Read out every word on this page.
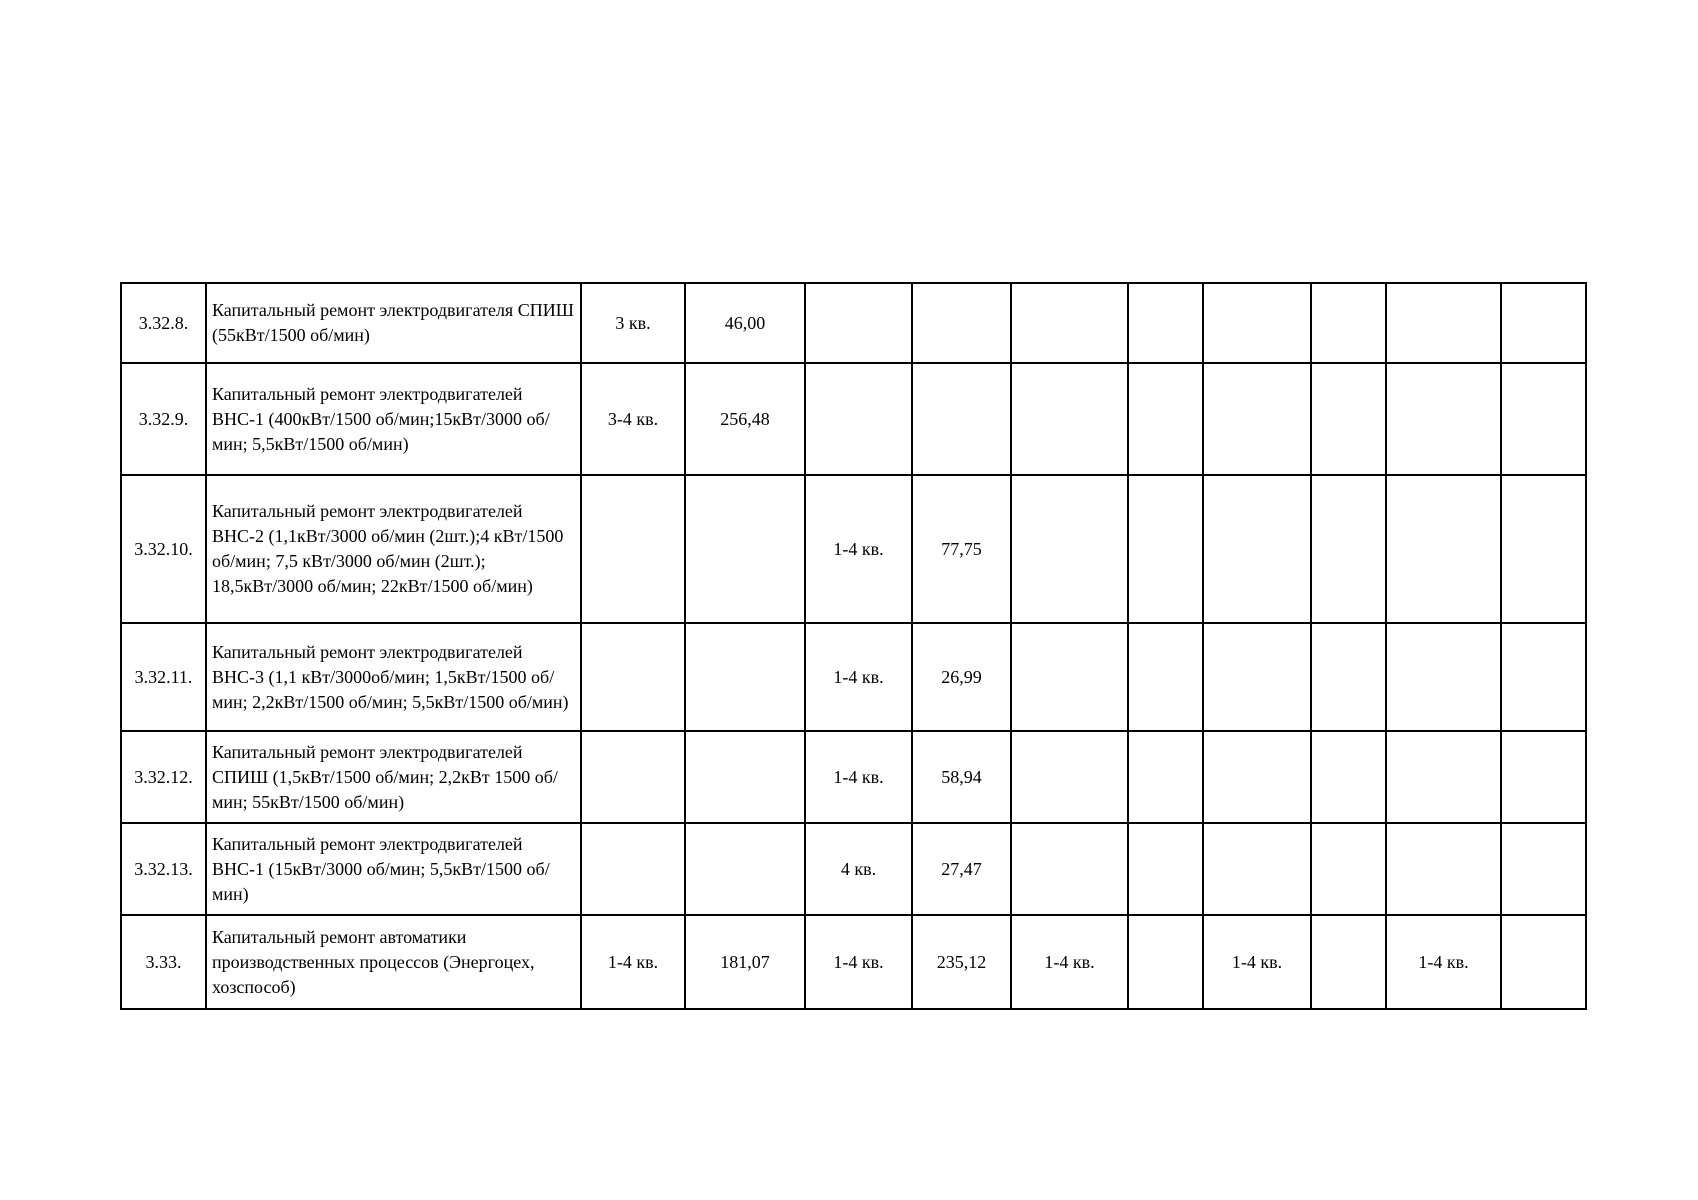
3.32.8.	Капитальный ремонт электродвигателя СПИШ (55кВт/1500 об/мин)	3 кв.	46,00								
3.32.9.	Капитальный ремонт электродвигателей ВНС-1 (400кВт/1500 об/мин;15кВт/3000 об/мин; 5,5кВт/1500 об/мин)	3-4 кв.	256,48								
3.32.10.	Капитальный ремонт электродвигателей ВНС-2 (1,1кВт/3000 об/мин (2шт.);4 кВт/1500 об/мин; 7,5 кВт/3000 об/мин (2шт.); 18,5кВт/3000 об/мин; 22кВт/1500 об/мин)			1-4 кв.	77,75						
3.32.11.	Капитальный ремонт электродвигателей ВНС-3 (1,1 кВт/3000об/мин; 1,5кВт/1500 об/мин; 2,2кВт/1500 об/мин; 5,5кВт/1500 об/мин)			1-4 кв.	26,99						
3.32.12.	Капитальный ремонт электродвигателей СПИШ (1,5кВт/1500 об/мин; 2,2кВт 1500 об/мин; 55кВт/1500 об/мин)			1-4 кв.	58,94						
3.32.13.	Капитальный ремонт электродвигателей ВНС-1 (15кВт/3000 об/мин; 5,5кВт/1500 об/мин)			4 кв.	27,47						
3.33.	Капитальный ремонт автоматики производственных процессов (Энергоцех, хозспособ)	1-4 кв.	181,07	1-4 кв.	235,12	1-4 кв.		1-4 кв.		1-4 кв.	
